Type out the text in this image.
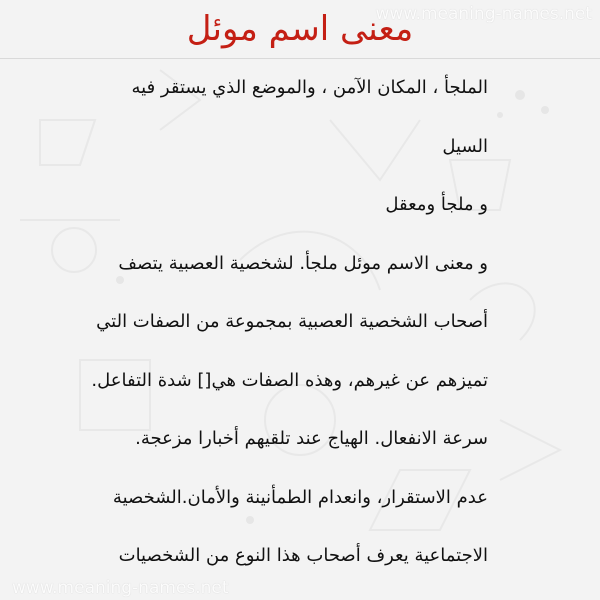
معنى اسم موئل
www.meaning-names.net
الملجأ ، المكان الآمن ، والموضع الذي يستقر فيه
السيل
و ملجأ ومعقل
و معنى الاسم موئل ملجأ. لشخصية العصبية يتصف
أصحاب الشخصية العصبية بمجموعة من الصفات التي
تميزهم عن غيرهم، وهذه الصفات هي[] شدة التفاعل.
سرعة الانفعال. الهياج عند تلقيهم أخبارا مزعجة.
عدم الاستقرار، وانعدام الطمأنينة والأمان.الشخصية
الاجتماعية يعرف أصحاب هذا النوع من الشخصيات
www.meaning-names.net
